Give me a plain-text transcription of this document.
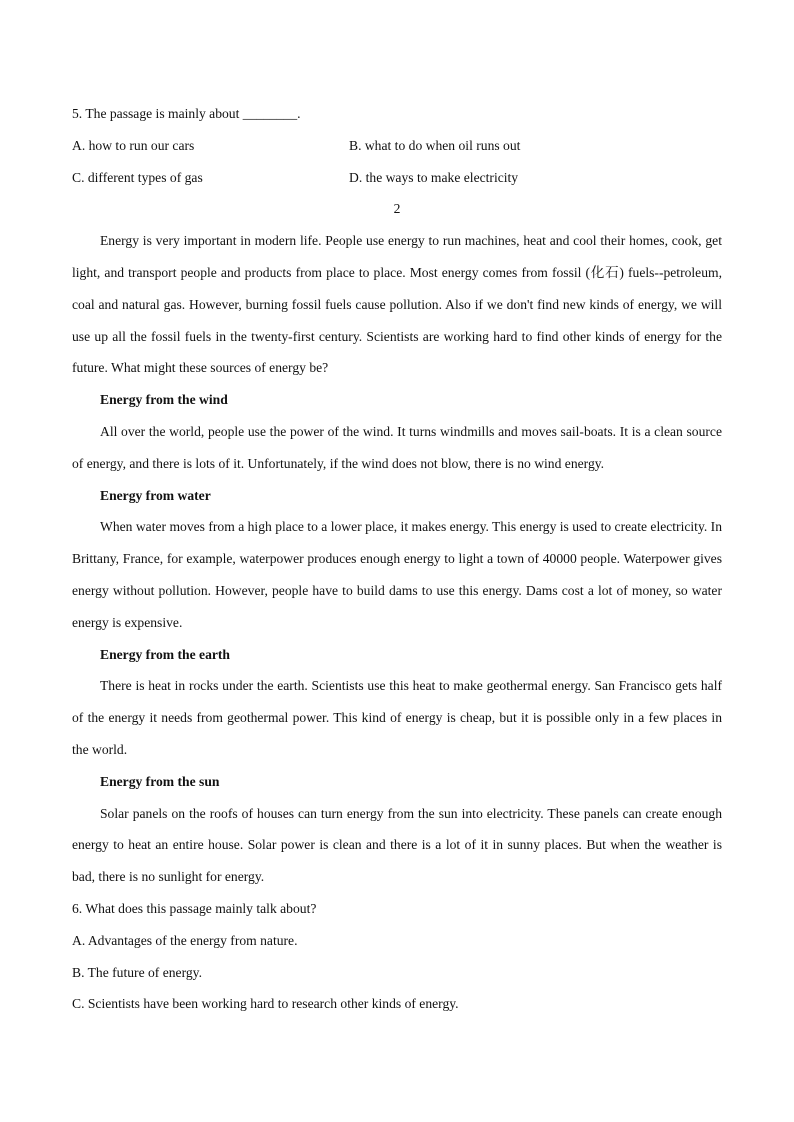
5. The passage is mainly about ________.
A. how to run our cars	B. what to do when oil runs out
C. different types of gas	D. the ways to make electricity
2

Energy is very important in modern life. People use energy to run machines, heat and cool their homes, cook, get light, and transport people and products from place to place. Most energy comes from fossil (化石) fuels--petroleum, coal and natural gas. However, burning fossil fuels cause pollution. Also if we don't find new kinds of energy, we will use up all the fossil fuels in the twenty-first century. Scientists are working hard to find other kinds of energy for the future. What might these sources of energy be?

Energy from the wind

All over the world, people use the power of the wind. It turns windmills and moves sail-boats. It is a clean source of energy, and there is lots of it. Unfortunately, if the wind does not blow, there is no wind energy.

Energy from water

When water moves from a high place to a lower place, it makes energy. This energy is used to create electricity. In Brittany, France, for example, waterpower produces enough energy to light a town of 40000 people. Waterpower gives energy without pollution. However, people have to build dams to use this energy. Dams cost a lot of money, so water energy is expensive.

Energy from the earth

There is heat in rocks under the earth. Scientists use this heat to make geothermal energy. San Francisco gets half of the energy it needs from geothermal power. This kind of energy is cheap, but it is possible only in a few places in the world.

Energy from the sun

Solar panels on the roofs of houses can turn energy from the sun into electricity. These panels can create enough energy to heat an entire house. Solar power is clean and there is a lot of it in sunny places. But when the weather is bad, there is no sunlight for energy.

6. What does this passage mainly talk about?
A. Advantages of the energy from nature.
B. The future of energy.
C. Scientists have been working hard to research other kinds of energy.
